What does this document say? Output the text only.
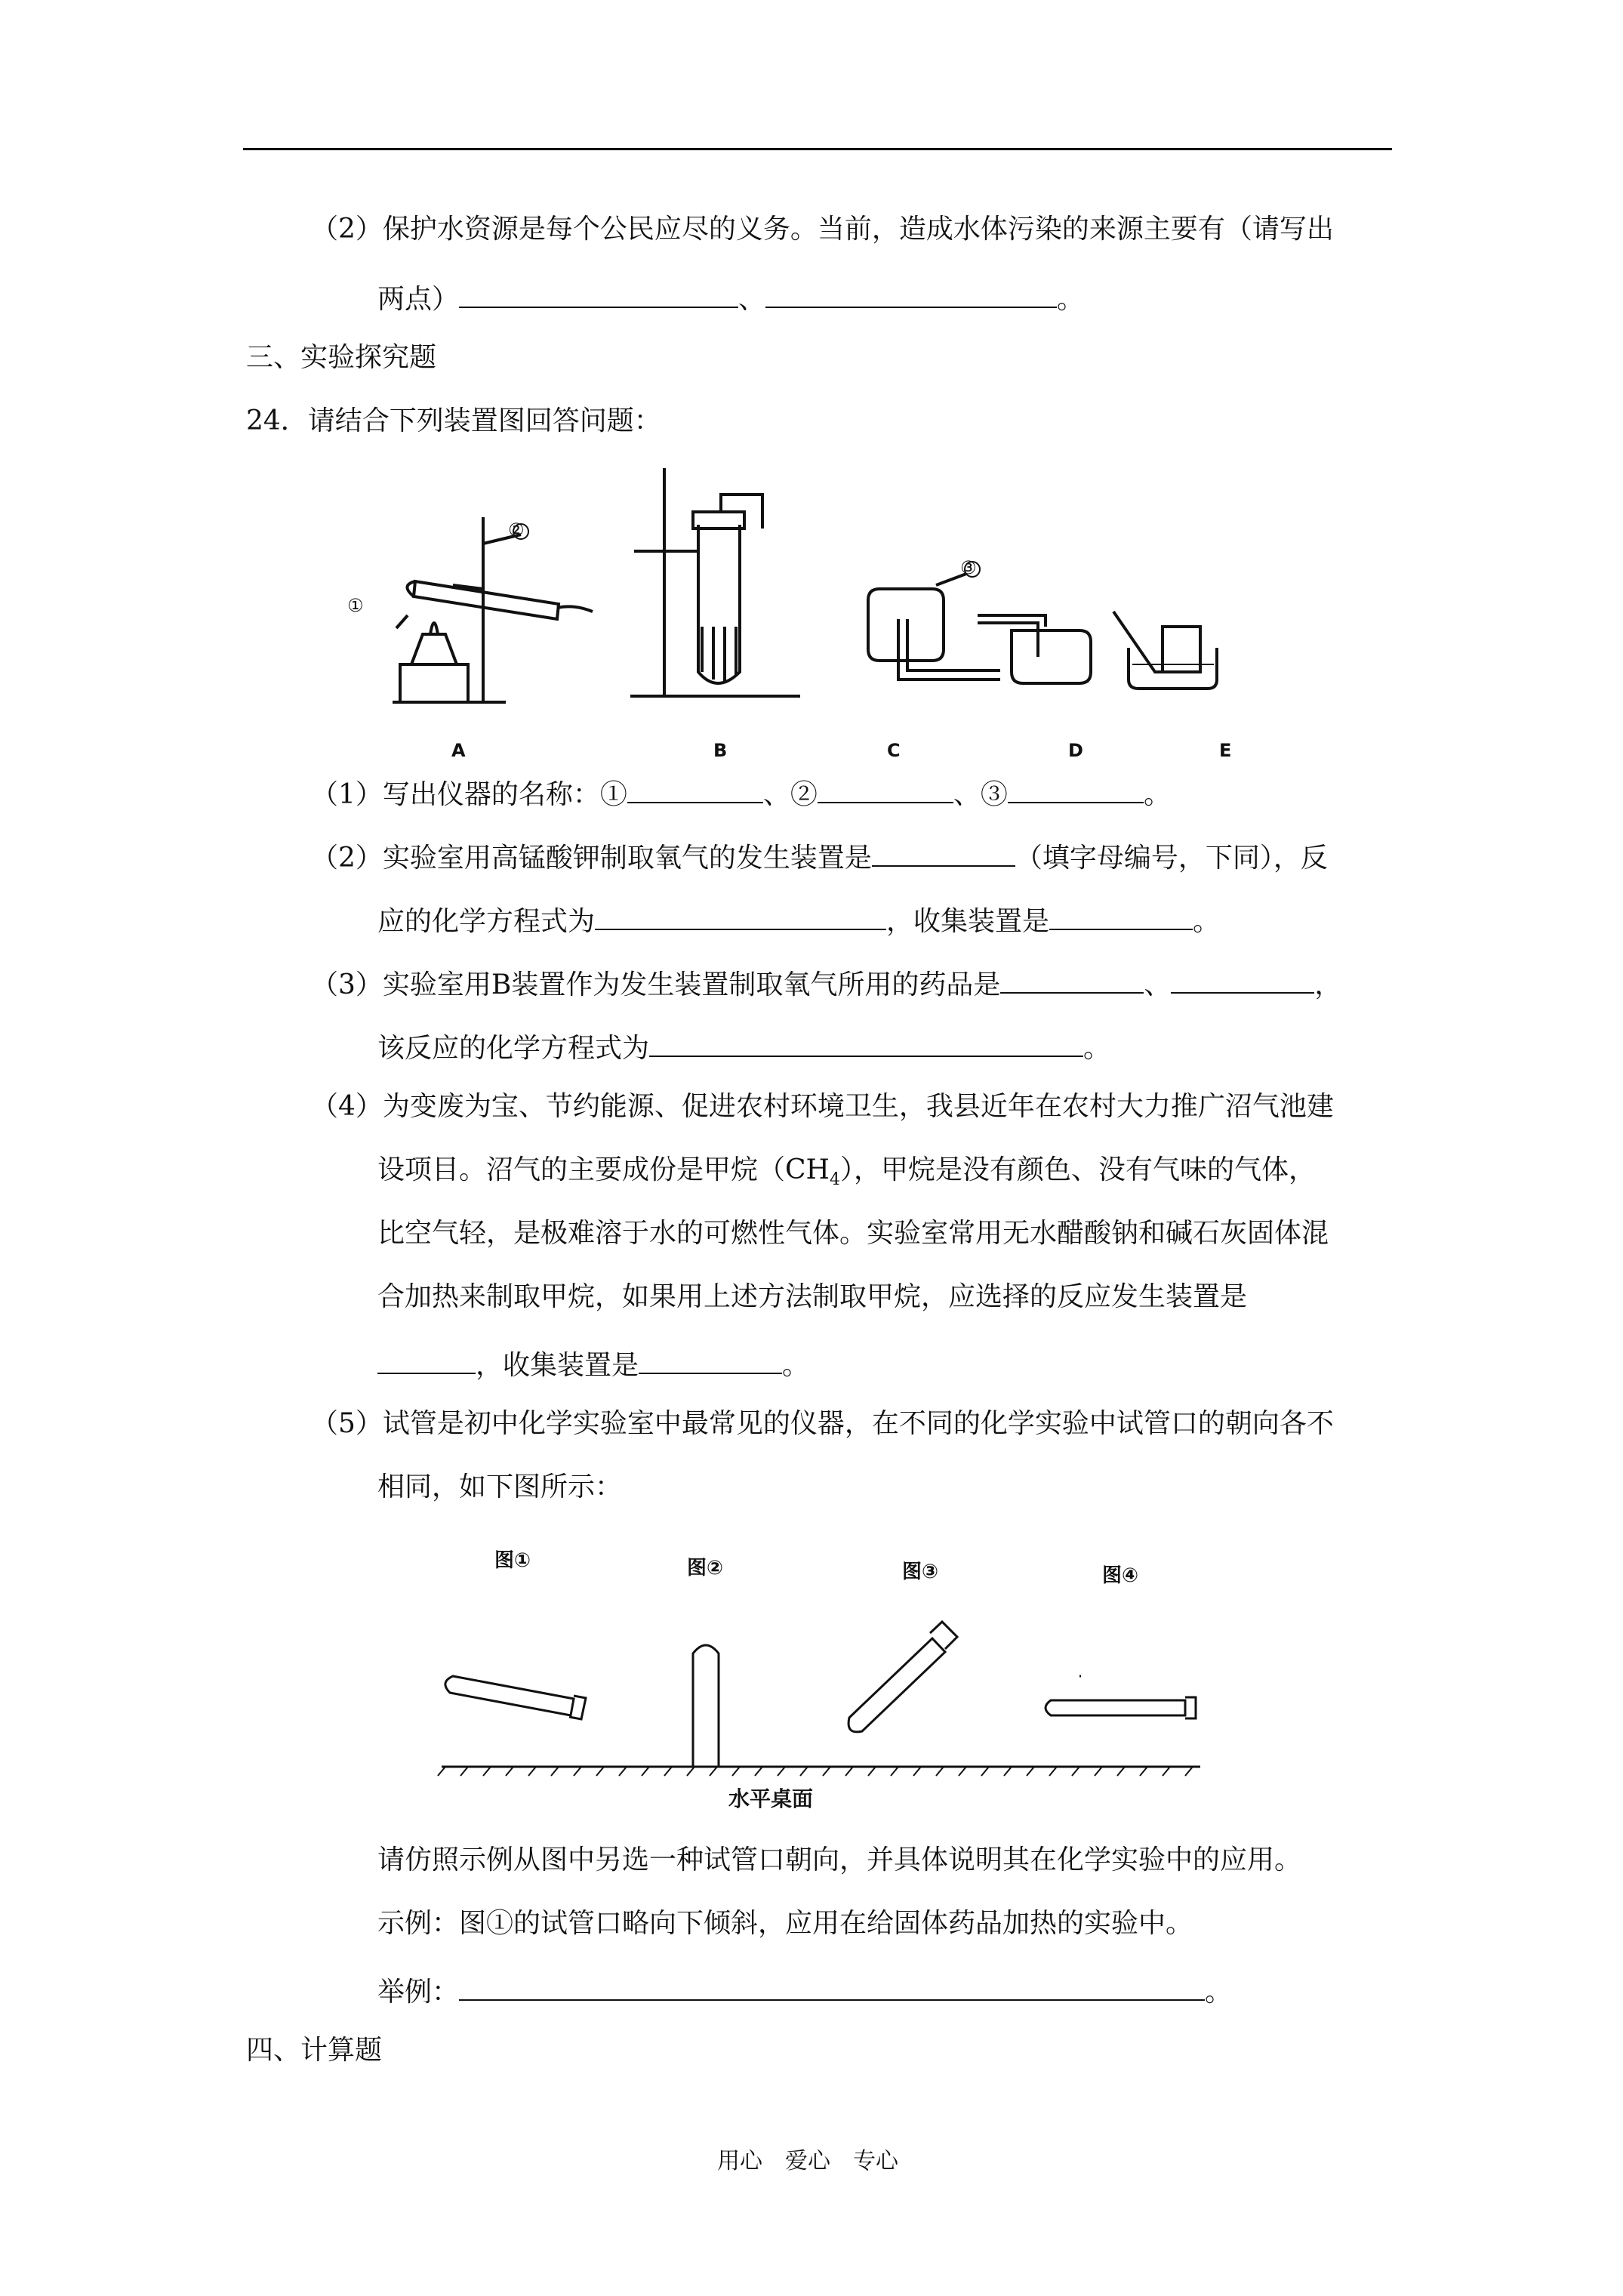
（2）保护水资源是每个公民应尽的义务。当前，造成水体污染的来源主要有（请写出
两点）	、	。
三、实验探究题
24．请结合下列装置图回答问题：
A	B	C	D	E
①
②
③
（1）写出仪器的名称：①	、②	、③	。
（2）实验室用高锰酸钾制取氧气的发生装置是	（填字母编号，下同），反
应的化学方程式为	，收集装置是	。
（3）实验室用B装置作为发生装置制取氧气所用的药品是	、	，
该反应的化学方程式为	。
（4）为变废为宝、节约能源、促进农村环境卫生，我县近年在农村大力推广沼气池建
设项目。沼气的主要成份是甲烷$(CH_4)$，甲烷是没有颜色、没有气味的气体，
比空气轻，是极难溶于水的可燃性气体。实验室常用无水醋酸钠和碱石灰固体混
合加热来制取甲烷，如果用上述方法制取甲烷，应选择的反应发生装置是
，收集装置是	。
（5）试管是初中化学实验室中最常见的仪器，在不同的化学实验中试管口的朝向各不
相同，如下图所示：
图①	图②	图③	图④
水平桌面
请仿照示例从图中另选一种试管口朝向，并具体说明其在化学实验中的应用。
示例：图①的试管口略向下倾斜，应用在给固体药品加热的实验中。
举例：	。
四、计算题
用心　爱心　专心
